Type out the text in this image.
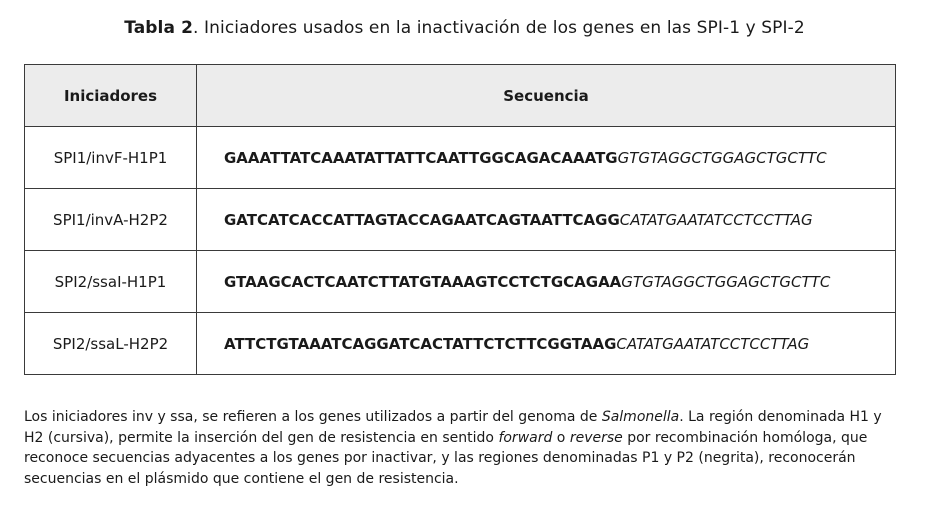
Tabla 2. Iniciadores usados en la inactivación de los genes en las SPI-1 y SPI-2
Iniciadores	Secuencia
SPI1/invF-H1P1	GAAATTATCAAATATTATTCAATTGGCAGACAAATGGTGTAGGCTGGAGCTGCTTC
SPI1/invA-H2P2	GATCATCACCATTAGTACCAGAATCAGTAATTCAGGCATATGAATATCCTCCTTAG
SPI2/ssaI-H1P1	GTAAGCACTCAATCTTATGTAAAGTCCTCTGCAGAAGTGTAGGCTGGAGCTGCTTC
SPI2/ssaL-H2P2	ATTCTGTAAATCAGGATCACTATTCTCTTCGGTAAGCATATGAATATCCTCCTTAG
Los iniciadores inv y ssa, se refieren a los genes utilizados a partir del genoma de Salmonella. La región denominada H1 y H2 (cursiva), permite la inserción del gen de resistencia en sentido forward o reverse por recombinación homóloga, que reconoce secuencias adyacentes a los genes por inactivar, y las regiones denominadas P1 y P2 (negrita), reconocerán secuencias en el plásmido que contiene el gen de resistencia.
